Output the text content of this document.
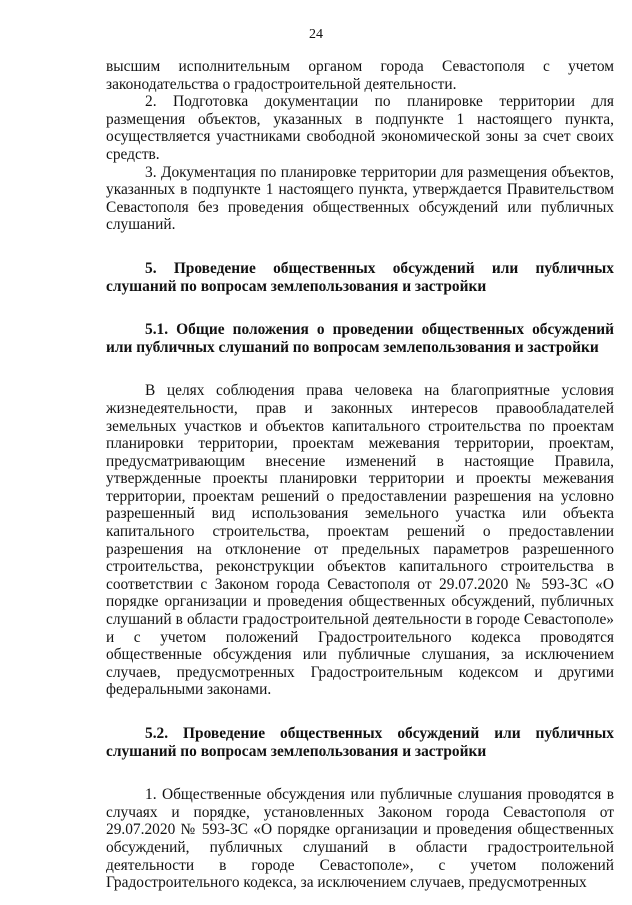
24

высшим исполнительным органом города Севастополя с учетом законодательства о градостроительной деятельности.

2. Подготовка документации по планировке территории для размещения объектов, указанных в подпункте 1 настоящего пункта, осуществляется участниками свободной экономической зоны за счет своих средств.

3. Документация по планировке территории для размещения объектов, указанных в подпункте 1 настоящего пункта, утверждается Правительством Севастополя без проведения общественных обсуждений или публичных слушаний.

5. Проведение общественных обсуждений или публичных слушаний по вопросам землепользования и застройки

5.1. Общие положения о проведении общественных обсуждений или публичных слушаний по вопросам землепользования и застройки

В целях соблюдения права человека на благоприятные условия жизнедеятельности, прав и законных интересов правообладателей земельных участков и объектов капитального строительства по проектам планировки территории, проектам межевания территории, проектам, предусматривающим внесение изменений в настоящие Правила, утвержденные проекты планировки территории и проекты межевания территории, проектам решений о предоставлении разрешения на условно разрешенный вид использования земельного участка или объекта капитального строительства, проектам решений о предоставлении разрешения на отклонение от предельных параметров разрешенного строительства, реконструкции объектов капитального строительства в соответствии с Законом города Севастополя от 29.07.2020 № 593-ЗС «О порядке организации и проведения общественных обсуждений, публичных слушаний в области градостроительной деятельности в городе Севастополе» и с учетом положений Градостроительного кодекса проводятся общественные обсуждения или публичные слушания, за исключением случаев, предусмотренных Градостроительным кодексом и другими федеральными законами.

5.2. Проведение общественных обсуждений или публичных слушаний по вопросам землепользования и застройки

1. Общественные обсуждения или публичные слушания проводятся в случаях и порядке, установленных Законом города Севастополя от 29.07.2020 № 593-ЗС «О порядке организации и проведения общественных обсуждений, публичных слушаний в области градостроительной деятельности в городе Севастополе», с учетом положений Градостроительного кодекса, за исключением случаев, предусмотренных
